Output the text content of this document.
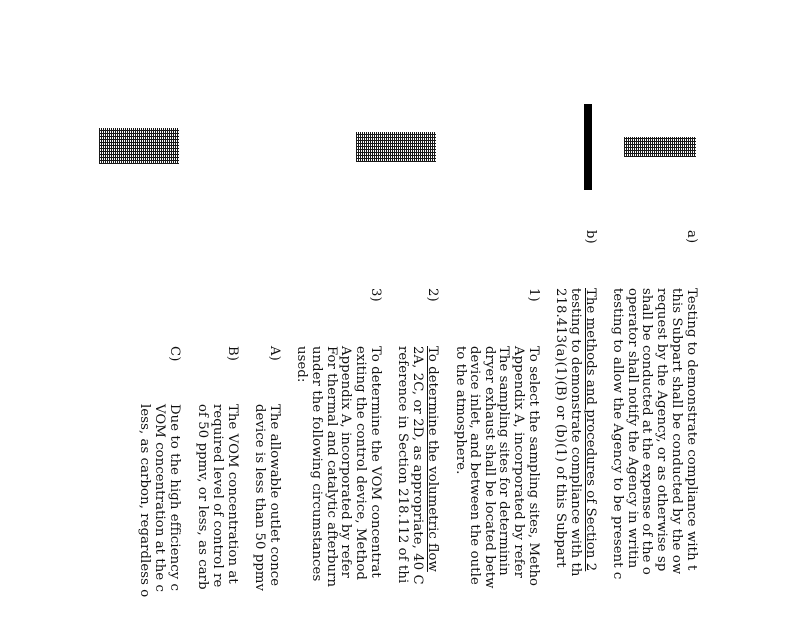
a)
Testing to demonstrate compliance with t
this Subpart shall be conducted by the ow
request by the Agency, or as otherwise sp
shall be conducted at the expense of the o
operator shall notify the Agency in writin
testing to allow the Agency to be present c
b)
The methods and procedures of Section 2
testing to demonstrate compliance with th
218.413(a)(1)(B) or (b)(1) of this Subpart
1)
To select the sampling sites, Metho
Appendix A, incorporated by refer
The sampling sites for determinin
dryer exhaust shall be located betw
device inlet, and between the outle
to the atmosphere.
2)
To determine the volumetric flow
2A, 2C, or 2D, as appropriate, 40 C
reference in Section 218.112 of thi
3)
To determine the VOM concentrat
exiting the control device, Method
Appendix A, incorporated by refer
For thermal and catalytic afterburn
under the following circumstances
used:
A)
The allowable outlet conce
device is less than 50 ppmv
B)
The VOM concentration at
required level of control re
of 50 ppmv, or less, as carb
C)
Due to the high efficiency c
VOM concentration at the c
less, as carbon, regardless o
